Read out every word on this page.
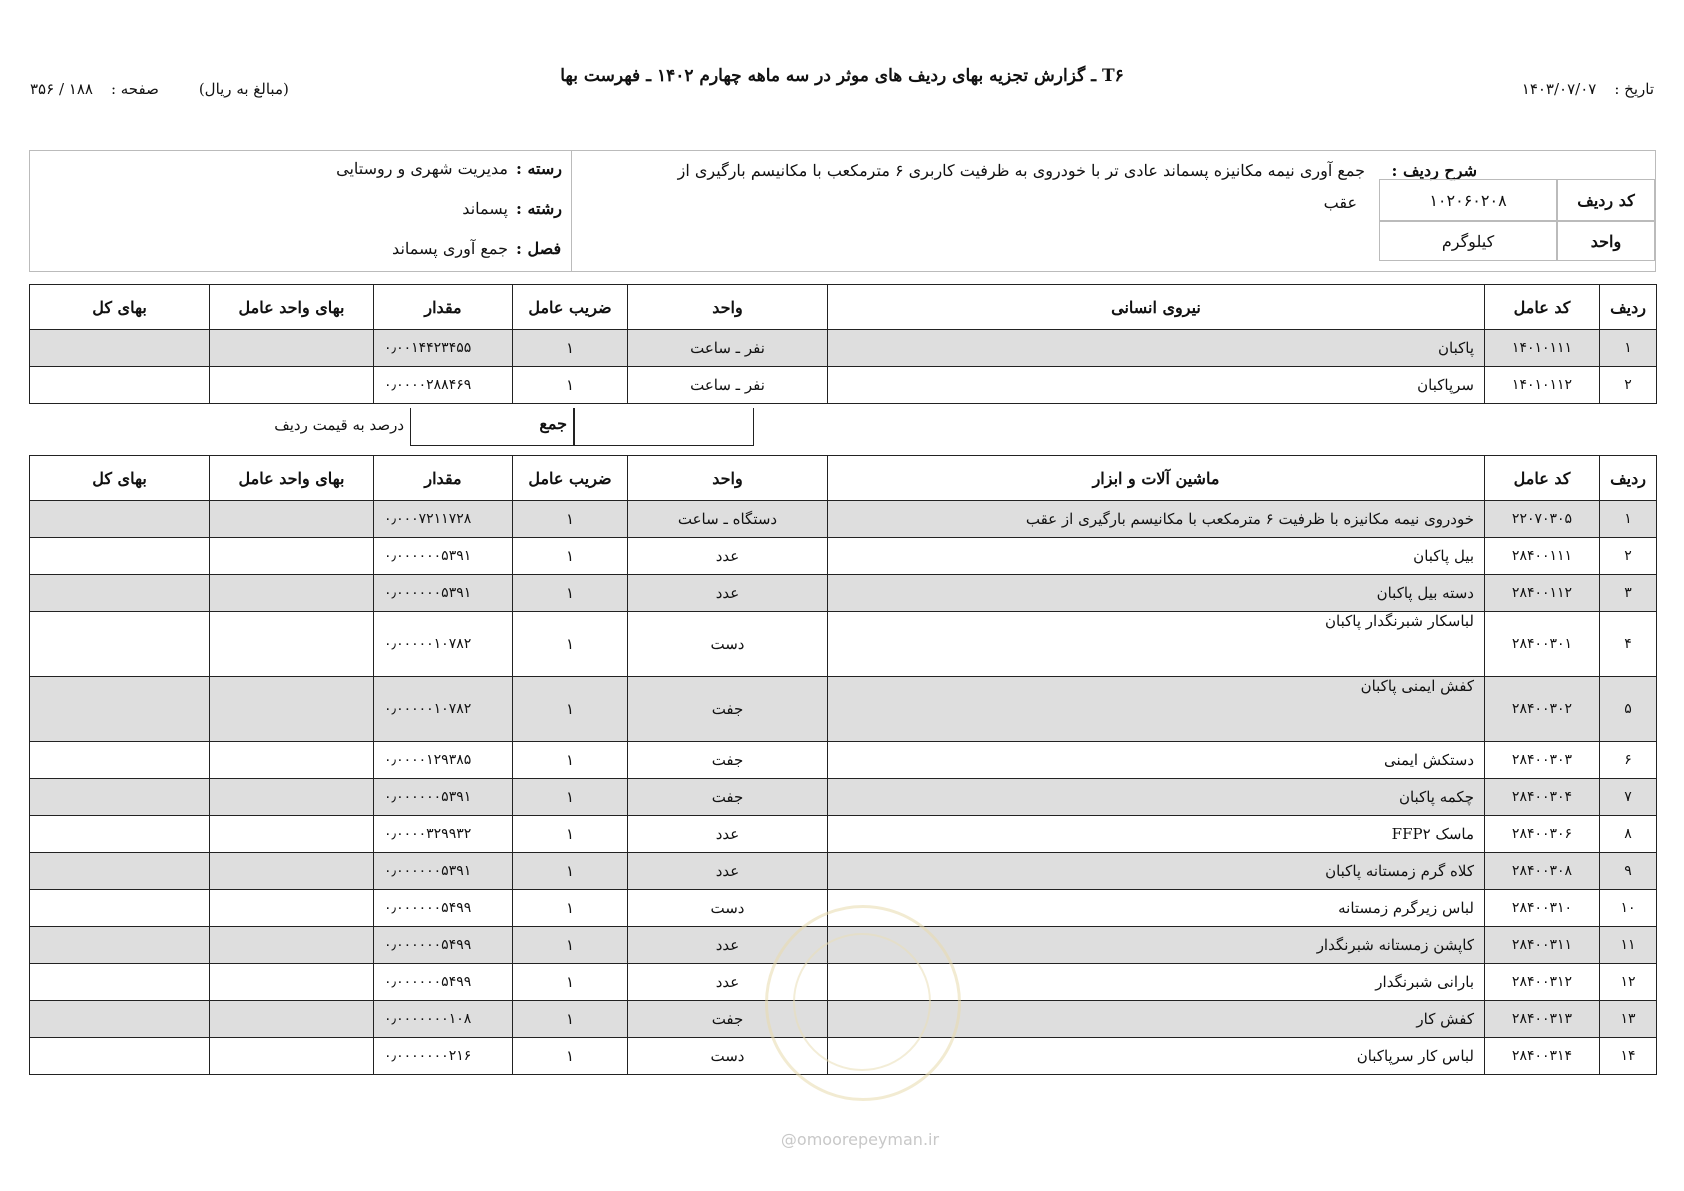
T۶ ـ گزارش تجزیه بهای ردیف های موثر در سه ماهه چهارم ۱۴۰۲ ـ فهرست بها
تاریخ :
۱۴۰۳/۰۷/۰۷
(مبالغ به ریال)
صفحه :
۱۸۸ / ۳۵۶
شرح ردیف :
جمع آوری نیمه مکانیزه پسماند عادی تر با خودروی به ظرفیت کاربری ۶ مترمکعب با مکانیسم بارگیری از
عقب	کد ردیف
۱۰۲۰۶۰۲۰۸
واحد
کیلوگرم
رسته :
مدیریت شهری و روستایی
رشته :
پسماند
فصل :
جمع آوری پسماند
ردیف	کد عامل	نیروی انسانی	واحد	ضریب عامل	مقدار	بهای واحد عامل	بهای کل
۱	۱۴۰۱۰۱۱۱	پاکبان	نفر ـ ساعت	۱	۰٫۰۰۱۴۴۲۳۴۵۵		
۲	۱۴۰۱۰۱۱۲	سرپاکبان	نفر ـ ساعت	۱	۰٫۰۰۰۰۲۸۸۴۶۹		
درصد به قیمت ردیف	جمع
ردیف	کد عامل	ماشین آلات و ابزار	واحد	ضریب عامل	مقدار	بهای واحد عامل	بهای کل
۱	۲۲۰۷۰۳۰۵	خودروی نیمه مکانیزه با ظرفیت ۶ مترمکعب با مکانیسم بارگیری از عقب	دستگاه ـ ساعت	۱	۰٫۰۰۰۷۲۱۱۷۲۸		
۲	۲۸۴۰۰۱۱۱	بیل پاکبان	عدد	۱	۰٫۰۰۰۰۰۰۵۳۹۱		
۳	۲۸۴۰۰۱۱۲	دسته بیل پاکبان	عدد	۱	۰٫۰۰۰۰۰۰۵۳۹۱		
۴	۲۸۴۰۰۳۰۱	لباسکار شبرنگدار پاکبان	دست	۱	۰٫۰۰۰۰۰۱۰۷۸۲		
۵	۲۸۴۰۰۳۰۲	کفش ایمنی پاکبان	جفت	۱	۰٫۰۰۰۰۰۱۰۷۸۲		
۶	۲۸۴۰۰۳۰۳	دستکش ایمنی	جفت	۱	۰٫۰۰۰۰۱۲۹۳۸۵		
۷	۲۸۴۰۰۳۰۴	چکمه پاکبان	جفت	۱	۰٫۰۰۰۰۰۰۵۳۹۱		
۸	۲۸۴۰۰۳۰۶	ماسک FFP۲	عدد	۱	۰٫۰۰۰۰۳۲۹۹۳۲		
۹	۲۸۴۰۰۳۰۸	کلاه گرم زمستانه پاکبان	عدد	۱	۰٫۰۰۰۰۰۰۵۳۹۱		
۱۰	۲۸۴۰۰۳۱۰	لباس زیرگرم زمستانه	دست	۱	۰٫۰۰۰۰۰۰۵۴۹۹		
۱۱	۲۸۴۰۰۳۱۱	کاپشن زمستانه شبرنگدار	عدد	۱	۰٫۰۰۰۰۰۰۵۴۹۹		
۱۲	۲۸۴۰۰۳۱۲	بارانی شبرنگدار	عدد	۱	۰٫۰۰۰۰۰۰۵۴۹۹		
۱۳	۲۸۴۰۰۳۱۳	کفش کار	جفت	۱	۰٫۰۰۰۰۰۰۰۱۰۸		
۱۴	۲۸۴۰۰۳۱۴	لباس کار سرپاکبان	دست	۱	۰٫۰۰۰۰۰۰۰۲۱۶		
@omoorepeyman.ir
